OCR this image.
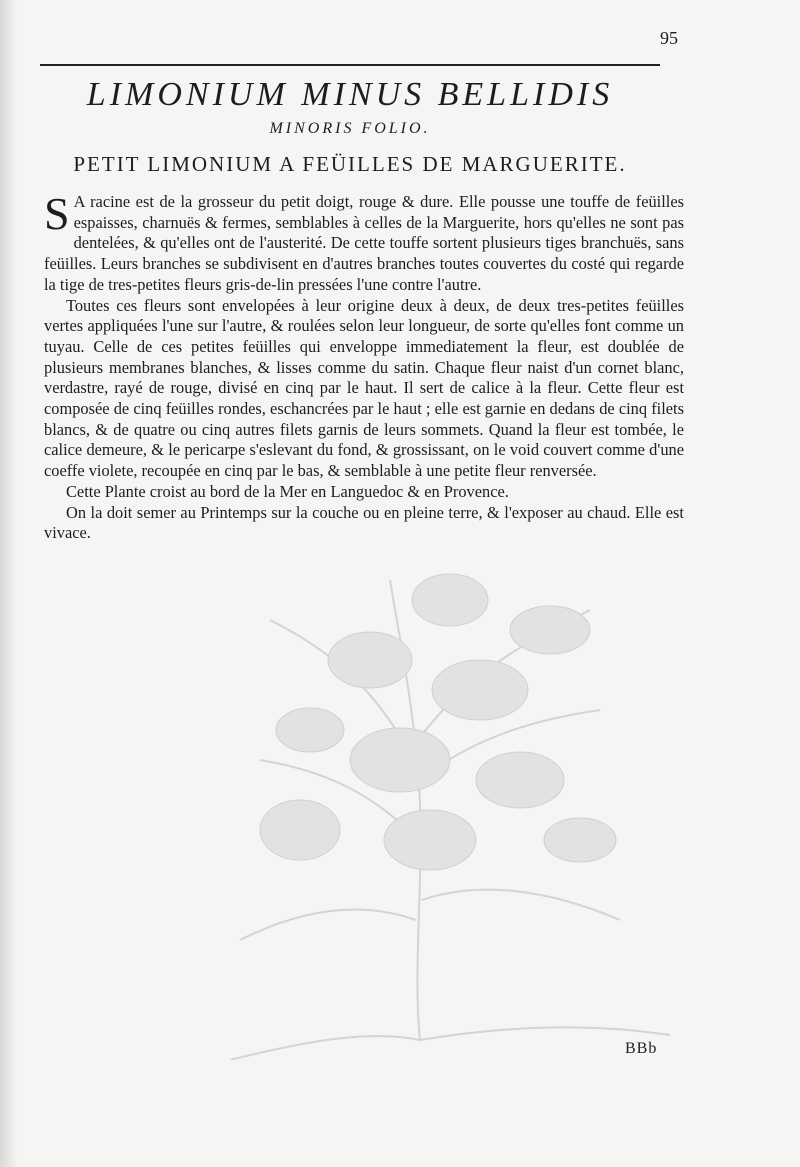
95
LIMONIUM MINUS BELLIDIS
MINORIS FOLIO.
PETIT LIMONIUM A FEÜILLES DE MARGUERITE.

S A racine est de la grosseur du petit doigt, rouge & dure. Elle pousse une touffe de feüilles espaisses, charnuës & fermes, semblables à celles de la Marguerite, hors qu'elles ne sont pas dentelées, & qu'elles ont de l'austerité. De cette touffe sortent plusieurs tiges branchuës, sans feüilles. Leurs branches se subdivisent en d'autres branches toutes couvertes du costé qui regarde la tige de tres-petites fleurs gris-de-lin pressées l'une contre l'autre.

Toutes ces fleurs sont envelopées à leur origine deux à deux, de deux tres-petites feüilles vertes appliquées l'une sur l'autre, & roulées selon leur longueur, de sorte qu'elles font comme un tuyau. Celle de ces petites feüilles qui enveloppe immediatement la fleur, est doublée de plusieurs membranes blanches, & lisses comme du satin. Chaque fleur naist d'un cornet blanc, verdastre, rayé de rouge, divisé en cinq par le haut. Il sert de calice à la fleur. Cette fleur est composée de cinq feüilles rondes, eschancrées par le haut ; elle est garnie en dedans de cinq filets blancs, & de quatre ou cinq autres filets garnis de leurs sommets. Quand la fleur est tombée, le calice demeure, & le pericarpe s'eslevant du fond, & grossissant, on le void couvert comme d'une coeffe violete, recoupée en cinq par le bas, & semblable à une petite fleur renversée.

Cette Plante croist au bord de la Mer en Languedoc & en Provence.

On la doit semer au Printemps sur la couche ou en pleine terre, & l'exposer au chaud. Elle est vivace.

BBb
